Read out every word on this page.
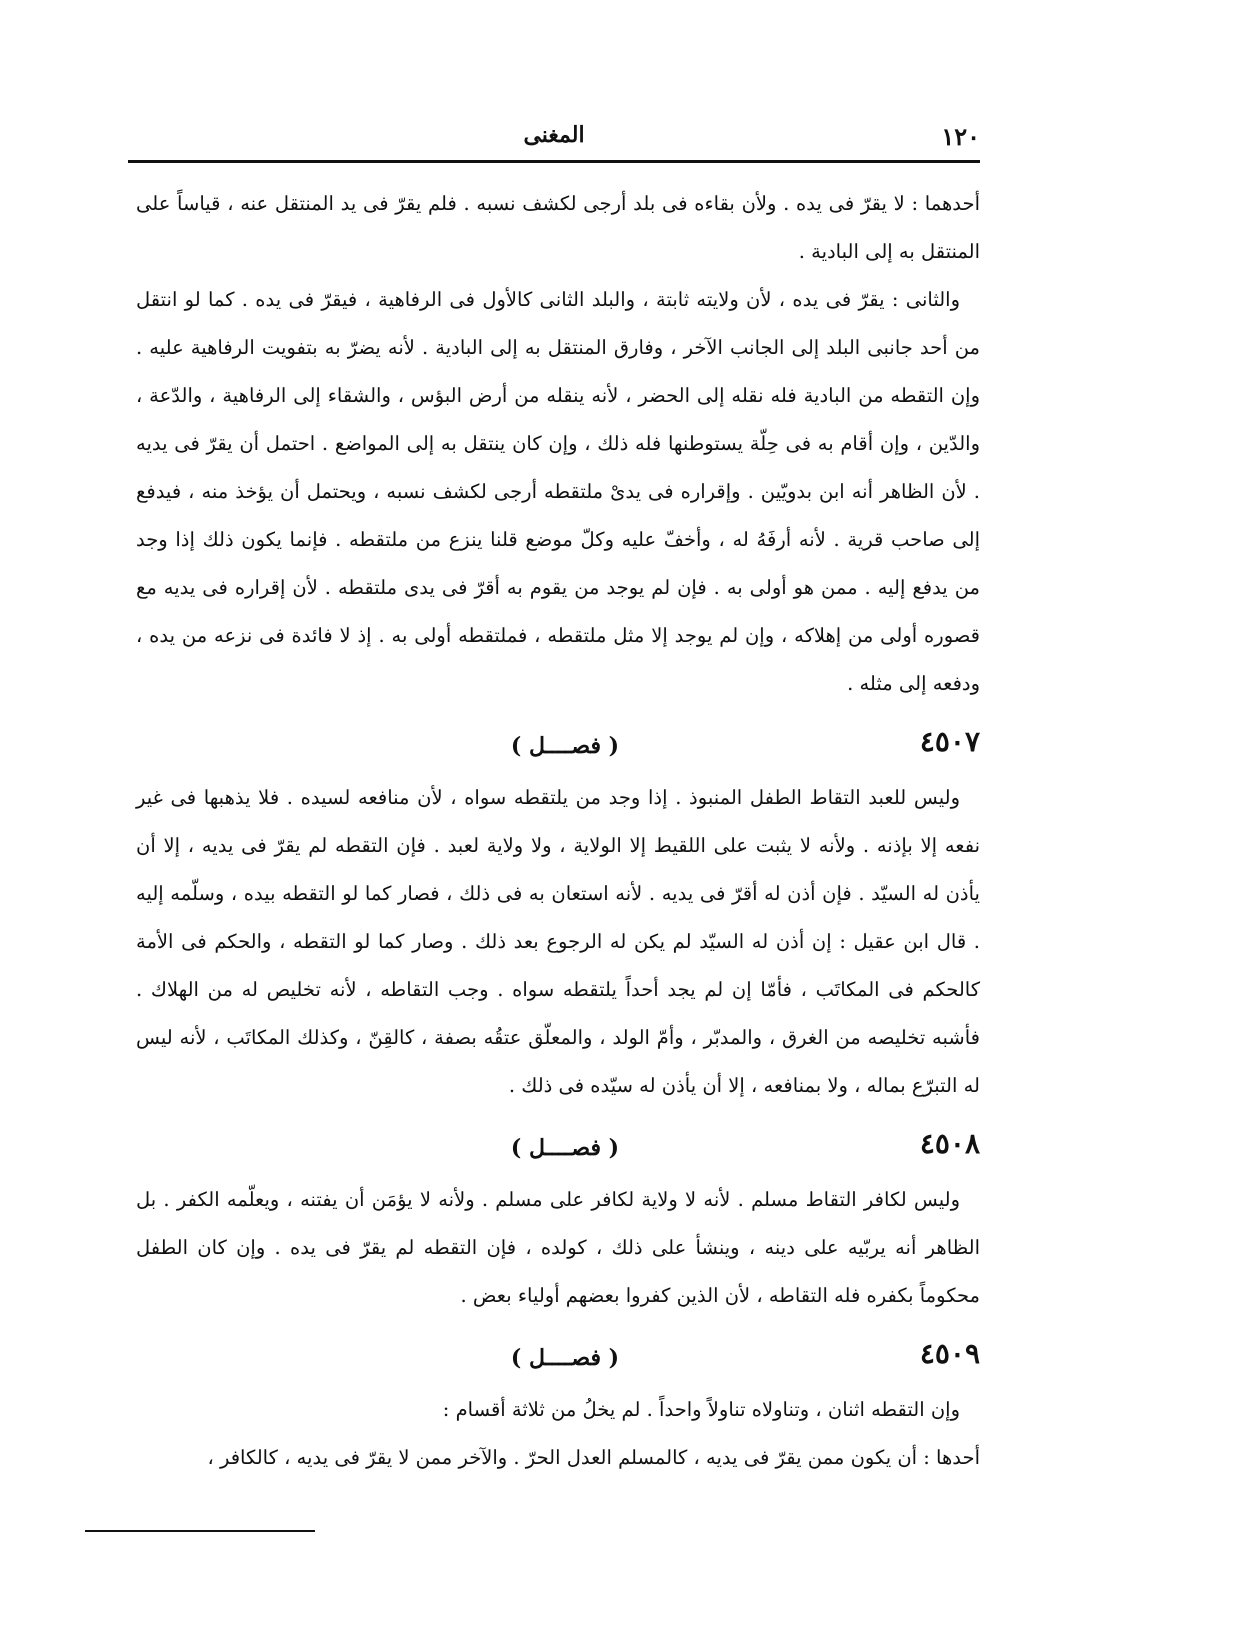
١٢٠
المغنى

أحدهما : لا يقرّ فى يده . ولأن بقاءه فى بلد أرجى لكشف نسبه . فلم يقرّ فى يد المنتقل عنه ، قياساً على المنتقل به إلى البادية .

والثانى : يقرّ فى يده ، لأن ولايته ثابتة ، والبلد الثانى كالأول فى الرفاهية ، فيقرّ فى يده . كما لو انتقل من أحد جانبى البلد إلى الجانب الآخر ، وفارق المنتقل به إلى البادية . لأنه يضرّ به بتفويت الرفاهية عليه . وإن التقطه من البادية فله نقله إلى الحضر ، لأنه ينقله من أرض البؤس ، والشقاء إلى الرفاهية ، والدّعة ، والدّين ، وإن أقام به فى حِلّة يستوطنها فله ذلك ، وإن كان ينتقل به إلى المواضع . احتمل أن يقرّ فى يديه . لأن الظاهر أنه ابن بدويّين . وإقراره فى يدىْ ملتقطه أرجى لكشف نسبه ، ويحتمل أن يؤخذ منه ، فيدفع إلى صاحب قرية . لأنه أرفَهُ له ، وأخفّ عليه وكلّ موضع قلنا ينزع من ملتقطه . فإنما يكون ذلك إذا وجد من يدفع إليه . ممن هو أولى به . فإن لم يوجد من يقوم به أقرّ فى يدى ملتقطه . لأن إقراره فى يديه مع قصوره أولى من إهلاكه ، وإن لم يوجد إلا مثل ملتقطه ، فملتقطه أولى به . إذ لا فائدة فى نزعه من يده ، ودفعه إلى مثله .

٤٥٠٧
( فصــــل )

وليس للعبد التقاط الطفل المنبوذ . إذا وجد من يلتقطه سواه ، لأن منافعه لسيده . فلا يذهبها فى غير نفعه إلا بإذنه . ولأنه لا يثبت على اللقيط إلا الولاية ، ولا ولاية لعبد . فإن التقطه لم يقرّ فى يديه ، إلا أن يأذن له السيّد . فإن أذن له أقرّ فى يديه . لأنه استعان به فى ذلك ، فصار كما لو التقطه بيده ، وسلّمه إليه . قال ابن عقيل : إن أذن له السيّد لم يكن له الرجوع بعد ذلك . وصار كما لو التقطه ، والحكم فى الأمة كالحكم فى المكاتَب ، فأمّا إن لم يجد أحداً يلتقطه سواه . وجب التقاطه ، لأنه تخليص له من الهلاك . فأشبه تخليصه من الغرق ، والمدبّر ، وأمّ الولد ، والمعلّق عتقُه بصفة ، كالقِنّ ، وكذلك المكاتَب ، لأنه ليس له التبرّع بماله ، ولا بمنافعه ، إلا أن يأذن له سيّده فى ذلك .

٤٥٠٨
( فصــــل )

وليس لكافر التقاط مسلم . لأنه لا ولاية لكافر على مسلم . ولأنه لا يؤمَن أن يفتنه ، ويعلّمه الكفر . بل الظاهر أنه يربّيه على دينه ، وينشأ على ذلك ، كولده ، فإن التقطه لم يقرّ فى يده . وإن كان الطفل محكوماً بكفره فله التقاطه ، لأن الذين كفروا بعضهم أولياء بعض .

٤٥٠٩
( فصــــل )

وإن التقطه اثنان ، وتناولاه تناولاً واحداً . لم يخلُ من ثلاثة أقسام :

أحدها : أن يكون ممن يقرّ فى يديه ، كالمسلم العدل الحرّ . والآخر ممن لا يقرّ فى يديه ، كالكافر ،
